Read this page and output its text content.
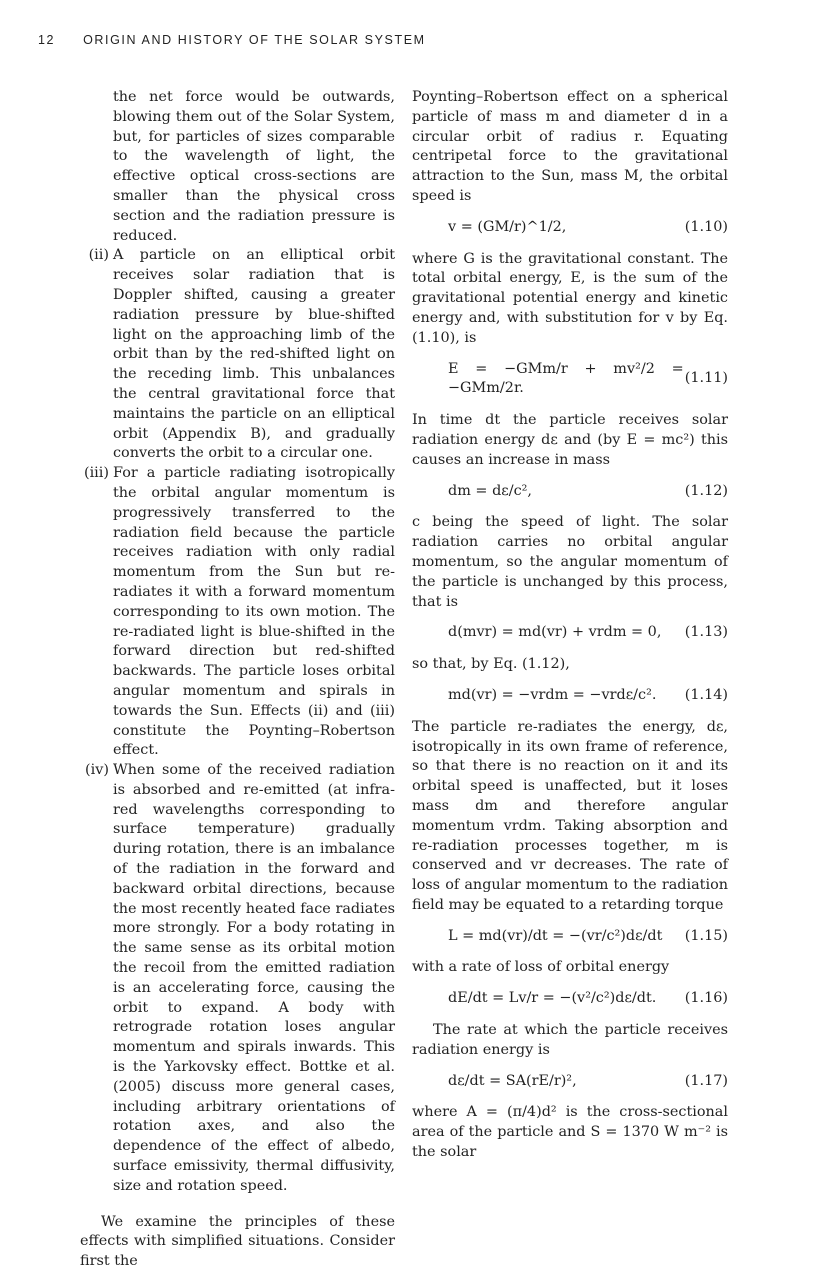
12 ORIGIN AND HISTORY OF THE SOLAR SYSTEM

the net force would be outwards, blowing them out of the Solar System, but, for particles of sizes comparable to the wavelength of light, the effective optical cross-sections are smaller than the physical cross section and the radiation pressure is reduced.

(ii) A particle on an elliptical orbit receives solar radiation that is Doppler shifted, causing a greater radiation pressure by blue-shifted light on the approaching limb of the orbit than by the red-shifted light on the receding limb. This unbalances the central gravitational force that maintains the particle on an elliptical orbit (Appendix B), and gradually converts the orbit to a circular one.
(iii) For a particle radiating isotropically the orbital angular momentum is progressively transferred to the radiation field because the particle receives radiation with only radial momentum from the Sun but re-radiates it with a forward momentum corresponding to its own motion. The re-radiated light is blue-shifted in the forward direction but red-shifted backwards. The particle loses orbital angular momentum and spirals in towards the Sun. Effects (ii) and (iii) constitute the Poynting–Robertson effect.
(iv) When some of the received radiation is absorbed and re-emitted (at infra-red wavelengths corresponding to surface temperature) gradually during rotation, there is an imbalance of the radiation in the forward and backward orbital directions, because the most recently heated face radiates more strongly. For a body rotating in the same sense as its orbital motion the recoil from the emitted radiation is an accelerating force, causing the orbit to expand. A body with retrograde rotation loses angular momentum and spirals inwards. This is the Yarkovsky effect. Bottke et al. (2005) discuss more general cases, including arbitrary orientations of rotation axes, and also the dependence of the effect of albedo, surface emissivity, thermal diffusivity, size and rotation speed.

We examine the principles of these effects with simplified situations. Consider first the

Poynting–Robertson effect on a spherical particle of mass m and diameter d in a circular orbit of radius r. Equating centripetal force to the gravitational attraction to the Sun, mass M, the orbital speed is

v = (GM/r)^1/2,	(1.10)

where G is the gravitational constant. The total orbital energy, E, is the sum of the gravitational potential energy and kinetic energy and, with substitution for v by Eq. (1.10), is

E = −GMm/r + mv²/2 = −GMm/2r.
(1.11)

In time dt the particle receives solar radiation energy dε and (by E = mc²) this causes an increase in mass

dm = dε/c²,	(1.12)

c being the speed of light. The solar radiation carries no orbital angular momentum, so the angular momentum of the particle is unchanged by this process, that is

d(mvr) = md(vr) + vrdm = 0,	(1.13)

so that, by Eq. (1.12),

md(vr) = −vrdm = −vrdε/c².	(1.14)

The particle re-radiates the energy, dε, isotropically in its own frame of reference, so that there is no reaction on it and its orbital speed is unaffected, but it loses mass dm and therefore angular momentum vrdm. Taking absorption and re-radiation processes together, m is conserved and vr decreases. The rate of loss of angular momentum to the radiation field may be equated to a retarding torque

L = md(vr)/dt = −(vr/c²)dε/dt	(1.15)

with a rate of loss of orbital energy

dE/dt = Lv/r = −(v²/c²)dε/dt.	(1.16)

The rate at which the particle receives radiation energy is

dε/dt = SA(rE/r)²,	(1.17)

where A = (π/4)d² is the cross-sectional area of the particle and S = 1370 W m⁻² is the solar
